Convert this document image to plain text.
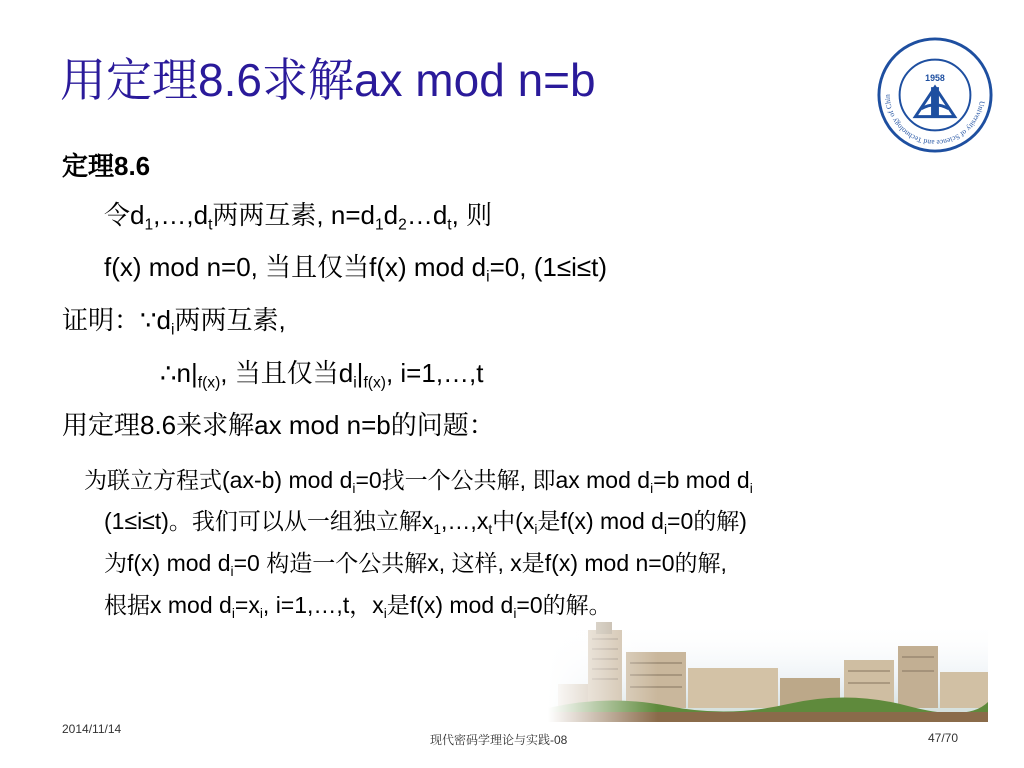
用定理8.6求解ax mod n=b	University of Science and Technology of Chin
1958
定理8.6
令$d_1,\dots,d_t$两两互素, $n=d_1d_2\dots d_t$, 则
f(x) mod n=0, 当且仅当f(x) mod $d_i=0$, (1≤i≤t)
证明：$\because d_i$两两互素,
$\therefore n|_{f(x)}$, 当且仅当$d_i|_{f(x)}$, i=1,…,t
用定理8.6来求解ax mod n=b的问题：
为联立方程式(ax-b) mod $d_i=0$找一个公共解, 即ax mod $d_i=b$ mod $d_i$
(1≤i≤t)。我们可以从一组独立解$x_1,\dots,x_t$中($x_i$是f(x) mod $d_i=0$的解)
为f(x) mod $d_i=0$ 构造一个公共解x, 这样, x是f(x) mod n=0的解,
根据x mod $d_i=x_i$, i=1,…,t，$x_i$是f(x) mod $d_i=0$的解。
2014/11/14
现代密码学理论与实践-08	47/70
